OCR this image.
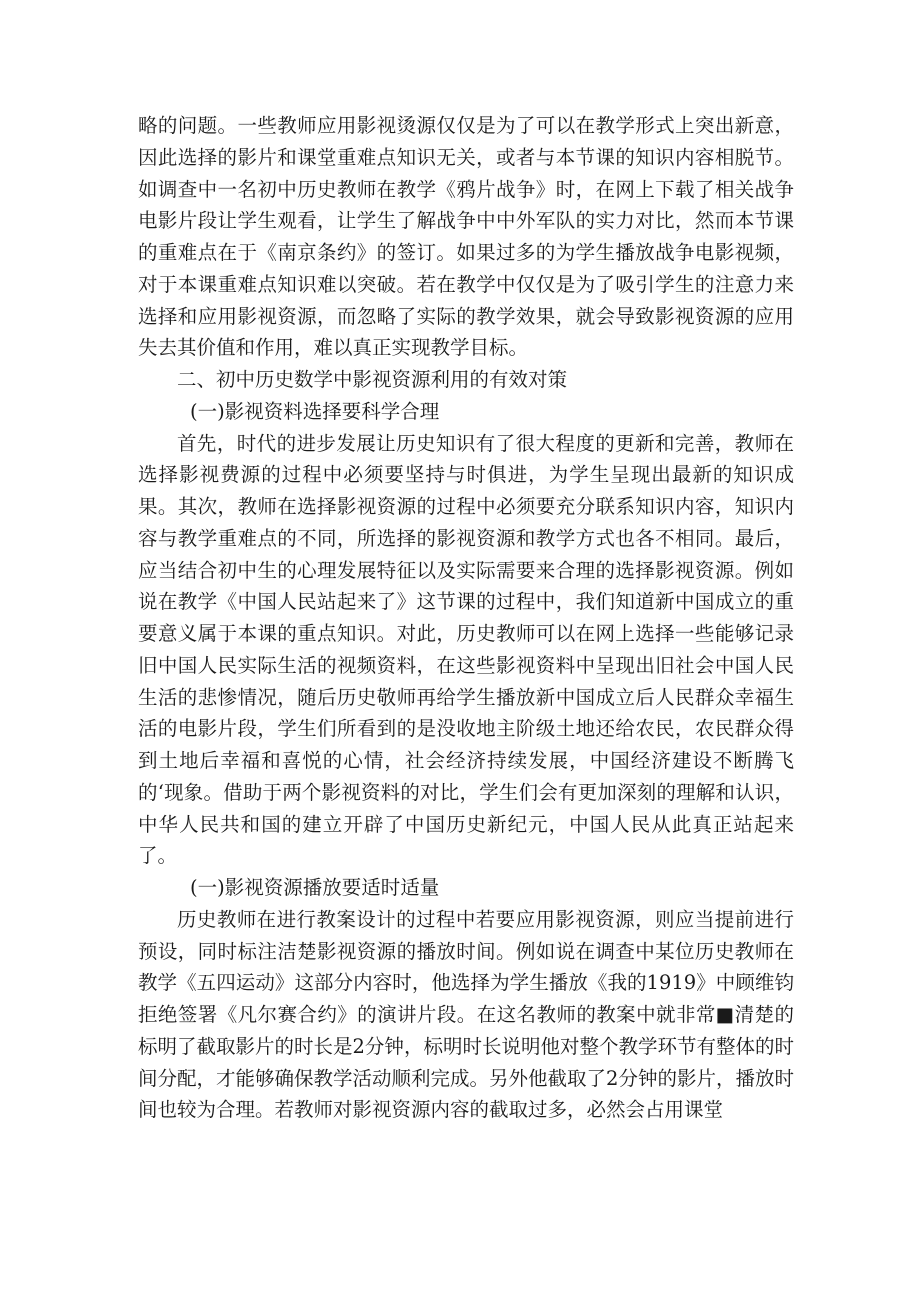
略的问题。一些教师应用影视烫源仅仅是为了可以在教学形式上突出新意，因此选择的影片和课堂重难点知识无关，或者与本节课的知识内容相脱节。如调查中一名初中历史教师在教学《鸦片战争》时，在网上下载了相关战争电影片段让学生观看，让学生了解战争中中外军队的实力对比，然而本节课的重难点在于《南京条约》的签订。如果过多的为学生播放战争电影视频，对于本课重难点知识难以突破。若在教学中仅仅是为了吸引学生的注意力来选择和应用影视资源，而忽略了实际的教学效果，就会导致影视资源的应用失去其价值和作用，难以真正实现教学目标。

二、初中历史数学中影视资源利用的有效对策

(一)影视资料选择要科学合理

首先，时代的进步发展让历史知识有了很大程度的更新和完善，教师在选择影视费源的过程中必须要坚持与时俱进，为学生呈现出最新的知识成果。其次，教师在选择影视资源的过程中必须要充分联系知识内容，知识内容与教学重难点的不同，所选择的影视资源和教学方式也各不相同。最后，应当结合初中生的心理发展特征以及实际需要来合理的选择影视资源。例如说在教学《中国人民站起来了》这节课的过程中，我们知道新中国成立的重要意义属于本课的重点知识。对此，历史教师可以在网上选择一些能够记录旧中国人民实际生活的视频资料，在这些影视资料中呈现出旧社会中国人民生活的悲惨情况，随后历史敬师再给学生播放新中国成立后人民群众幸福生活的电影片段，学生们所看到的是没收地主阶级土地还给农民，农民群众得到土地后幸福和喜悦的心情，社会经济持续发展，中国经济建设不断腾飞的‘现象。借助于两个影视资料的对比，学生们会有更加深刻的理解和认识，中华人民共和国的建立开辟了中国历史新纪元，中国人民从此真正站起来了。

(一)影视资源播放要适时适量

历史教师在进行教案设计的过程中若要应用影视资源，则应当提前进行预设，同时标注洁楚影视资源的播放时间。例如说在调查中某位历史教师在教学《五四运动》这部分内容时，他选择为学生播放《我的1919》中顾维钧拒绝签署《凡尔赛合约》的演讲片段。在这名教师的教案中就非常■清楚的标明了截取影片的时长是2分钟，标明时长说明他对整个教学环节有整体的时间分配，才能够确保教学活动顺利完成。另外他截取了2分钟的影片，播放时间也较为合理。若教师对影视资源内容的截取过多，必然会占用课堂
